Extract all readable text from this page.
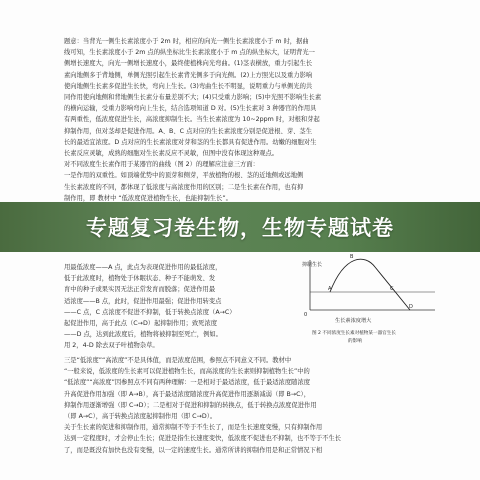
题意：当背光一侧生长素浓度小于 2m 时，相应的向光一侧生长素浓度小于 m 时，据曲
线可知，生长素浓度小于 2m 点的纵坐标比生长素浓度小于 m 点的纵坐标大，证明背光一
侧增长速度大，向光一侧增长速度小，最终使植株向光弯曲。(1)茎表横放，重力引起生长
素向地侧多于背地侧，单侧光照引起生长素背光侧多于向光侧。(2)上方照光以及重力影响
使向地侧生长素多促进生长快，弯向上生长。(3)弯曲生长不明显，说明重力与单侧光的共
同作用使向地侧和背地侧生长素分布量差别不大；(4)只受重力影响；(5)中光照不影响生长素
的横向运输，受重力影响弯向上生长，结合选项知道 D 对。(5)生长素对 3 种器官的作用具
有两重性，低浓度促进生长，高浓度抑制生长。当生长素浓度为 10~2ppm 时，对根和芽起
抑制作用，但对茎却是促进作用。A、B、C 点对应的生长素浓度分别是促进根、芽、茎生
长的最适宜浓度。D 点对应的生长素浓度对芽和茎的生长都具有促进作用。幼嫩的细胞对生
长素反应灵敏，成熟的细胞对生长素反应不灵敏，但图中没有体现这种观点。
对不同浓度生长素作用于某器官的曲线（图 2）的理解应注意三方面：
一是作用的双重性。如顶端优势中的顶芽和侧芽，平放植物的根、茎的近地侧或远地侧
生长素浓度的不同，都体现了低浓度与高浓度作用的区别；二是生长素在作用，也有抑
制作用，即 教材中 “低浓度促进植物生长，也能抑制生长”。
专题复习卷生物，生物专题试卷
用最低浓度——A 点，此点为表现促进作用的最低浓度，
低于此浓度时，植物处于休眠状态、种子不能萌发、发
育中的种子或果实因无法正常发育而脱落；促进作用最
适浓度——B 点，此时，促进作用最强；促进作用转变点
——C 点，C 点浓度不促进不抑制，低于转换点浓度（A→C）
起促进作用，高于此点（C→D）起抑制作用；致死浓度
——D 点，达到此浓度后，植物将被抑制至死亡，例如。
用 2，4-D 除去双子叶植物杂草。
抑制生长
0
A
B
C
D
生长素浓度增大
图 2 不同浓度生长素对植物某一器官生长
的影响
三是“低浓度”“高浓度”不是具体值，而是浓度范围，参照点不同意义不同。教材中
“一般来说，低浓度的生长素可以促进植物生长，而高浓度的生长素则抑制植物生长”中的
“低浓度”“高浓度”因参照点不同有两种理解：一是相对于最适浓度，低于最适浓度随浓度
升高促进作用加强（即 A→B），高于最适浓度随浓度升高促进作用逐渐减弱（即 B→C），
抑制作用逐渐增强（即 C→D）；二是相对于促进和抑制的转换点，低于转换点浓度促进作用
（即 A→C），高于转换点浓度起抑制作用（即 C→D）。
关于生长素的促进和抑制作用，通常抑制不等于不生长了，而是生长速度变慢，只有抑制作用
达到一定程度时，才会停止生长；促进是指生长速度变快，低浓度不促进也不抑制，也不等于不生长
了，而是既没有加快也没有变慢，以一定的速度生长。通常所讲的抑制作用是和正常情况下相
